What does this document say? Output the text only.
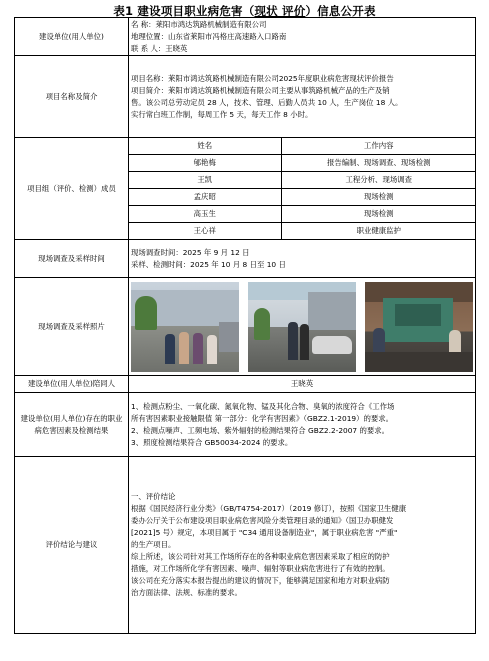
表1 建设项目职业病危害（现状 评价）信息公开表
建设单位(用人单位)	
名 称：莱阳市鸿达筑路机械制造有限公司
地理位置：山东省莱阳市冯格庄高速路入口路南
联 系 人：王晓英

项目名称及简介	
项目名称：莱阳市鸿达筑路机械制造有限公司2025年度职业病危害现状评价报告
项目简介：莱阳市鸿达筑路机械制造有限公司主要从事筑路机械产品的生产及销
售。该公司总劳动定员 28 人，技术、管理、后勤人员共 10 人，生产岗位 18 人。
实行常白班工作制，每周工作 5 天，每天工作 8 小时。

项目组（评价、检测）成员	
姓名	工作内容
郇艳梅	报告编制、现场调查、现场检测
王凯	工程分析、现场调查
孟庆昭	现场检测
高玉生	现场检测
王心祥	职业健康监护

现场调查及采样时间	
现场调查时间：2025 年 9 月 12 日
采样、检测时间：2025 年 10 月 8 日至 10 日

现场调查及采样照片	

建设单位(用人单位)陪同人	王晓英
建设单位(用人单位)存在的职业病危害因素及检测结果	
1、检测点粉尘、一氧化碳、氮氧化物、锰及其化合物、臭氧的浓度符合《工作场
所有害因素职业接触限值 第一部分：化学有害因素》（GBZ2.1-2019）的要求。
2、检测点噪声、工频电场、紫外辐射的检测结果符合 GBZ2.2-2007 的要求。
3、照度检测结果符合 GB50034-2024 的要求。

评价结论与建议	
一、评价结论
根据《国民经济行业分类》（GB/T4754-2017）（2019 修订），按照《国家卫生健康
委办公厅关于公布建设项目职业病危害风险分类管理目录的通知》（国卫办职健发
[2021]5 号）规定，本项目属于 "C34 通用设备制造业"，属于职业病危害 "严重"
的生产项目。
综上所述，该公司针对其工作场所存在的各种职业病危害因素采取了相应的防护
措施，对工作场所化学有害因素、噪声、辐射等职业病危害进行了有效的控制。
该公司在充分落实本报告提出的建议的情况下，能够满足国家和地方对职业病防
治方面法律、法规、标准的要求。
